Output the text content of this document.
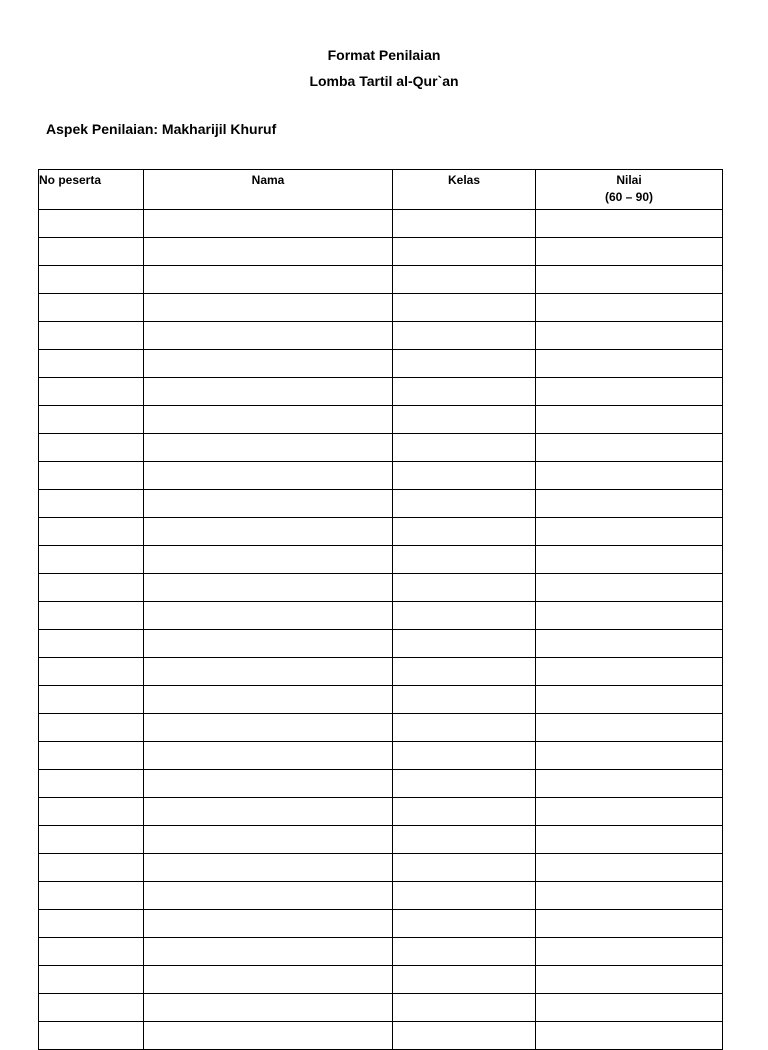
Format Penilaian
Lomba Tartil al-Qur`an
Aspek Penilaian: Makharijil Khuruf
No peserta	Nama	Kelas	Nilai
(60 – 90)
